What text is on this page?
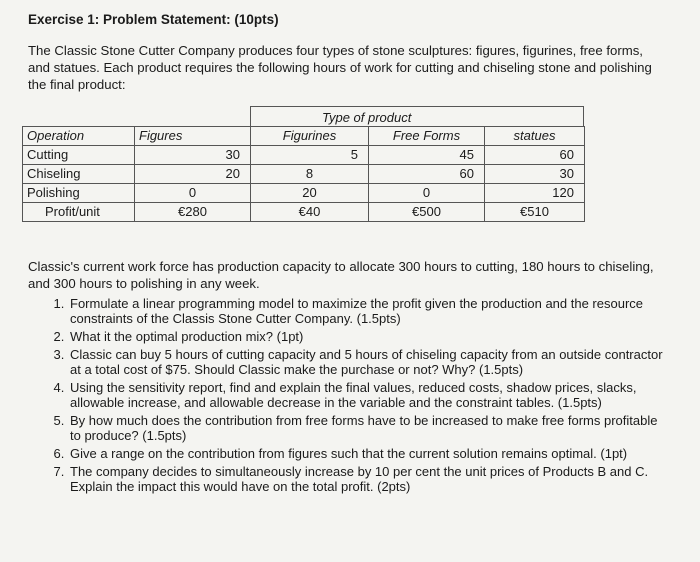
Exercise 1: Problem Statement: (10pts)
The Classic Stone Cutter Company produces four types of stone sculptures: figures, figurines, free forms, and statues. Each product requires the following hours of work for cutting and chiseling stone and polishing the final product:
Type of product
Operation	Figures	Figurines	Free Forms	statues
Cutting	30	5	45	60
Chiseling	20	8	60	30
Polishing	0	20	0	120
Profit/unit	€280	€40	€500	€510
Classic's current work force has production capacity to allocate 300 hours to cutting, 180 hours to chiseling, and 300 hours to polishing in any week.
1. Formulate a linear programming model to maximize the profit given the production and the resource constraints of the Classis Stone Cutter Company. (1.5pts)
2. What it the optimal production mix? (1pt)
3. Classic can buy 5 hours of cutting capacity and 5 hours of chiseling capacity from an outside contractor at a total cost of $75. Should Classic make the purchase or not? Why? (1.5pts)
4. Using the sensitivity report, find and explain the final values, reduced costs, shadow prices, slacks, allowable increase, and allowable decrease in the variable and the constraint tables. (1.5pts)
5. By how much does the contribution from free forms have to be increased to make free forms profitable to produce? (1.5pts)
6. Give a range on the contribution from figures such that the current solution remains optimal. (1pt)
7. The company decides to simultaneously increase by 10 per cent the unit prices of Products B and C. Explain the impact this would have on the total profit. (2pts)
